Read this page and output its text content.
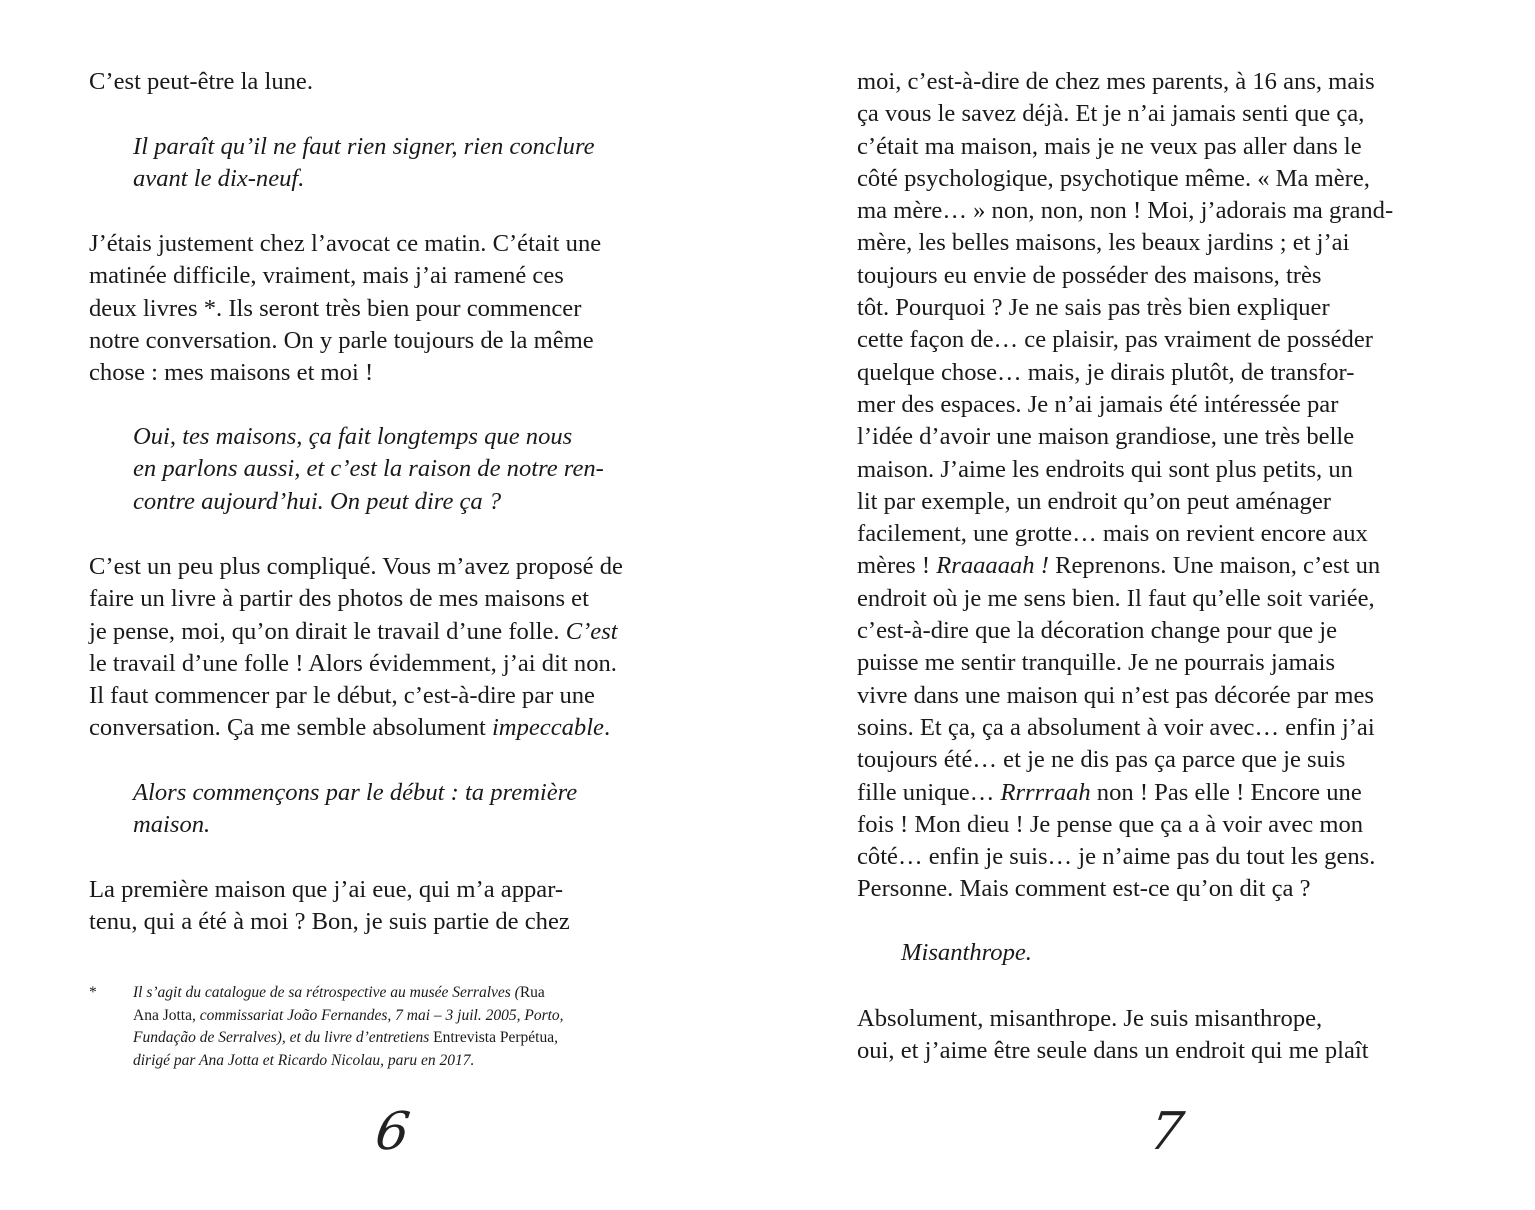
C’est peut-être la lune.

Il paraît qu’il ne faut rien signer, rien conclure
avant le dix-neuf.

J’étais justement chez l’avocat ce matin. C’était une
matinée difficile, vraiment, mais j’ai ramené ces
deux livres *. Ils seront très bien pour commencer
notre conversation. On y parle toujours de la même
chose : mes maisons et moi !

Oui, tes maisons, ça fait longtemps que nous
en parlons aussi, et c’est la raison de notre ren-
contre aujourd’hui. On peut dire ça ?

C’est un peu plus compliqué. Vous m’avez proposé de
faire un livre à partir des photos de mes maisons et
je pense, moi, qu’on dirait le travail d’une folle. C’est
le travail d’une folle ! Alors évidemment, j’ai dit non.
Il faut commencer par le début, c’est-à-dire par une
conversation. Ça me semble absolument impeccable.

Alors commençons par le début : ta première
maison.

La première maison que j’ai eue, qui m’a appar-
tenu, qui a été à moi ? Bon, je suis partie de chez

* Il s’agit du catalogue de sa rétrospective au musée Serralves (Rua
Ana Jotta, commissariat João Fernandes, 7 mai – 3 juil. 2005, Porto,
Fundação de Serralves), et du livre d’entretiens Entrevista Perpétua,
dirigé par Ana Jotta et Ricardo Nicolau, paru en 2017.
6

moi, c’est-à-dire de chez mes parents, à 16 ans, mais
ça vous le savez déjà. Et je n’ai jamais senti que ça,
c’était ma maison, mais je ne veux pas aller dans le
côté psychologique, psychotique même. « Ma mère,
ma mère… » non, non, non ! Moi, j’adorais ma grand-
mère, les belles maisons, les beaux jardins ; et j’ai
toujours eu envie de posséder des maisons, très
tôt. Pourquoi ? Je ne sais pas très bien expliquer
cette façon de… ce plaisir, pas vraiment de posséder
quelque chose… mais, je dirais plutôt, de transfor-
mer des espaces. Je n’ai jamais été intéressée par
l’idée d’avoir une maison grandiose, une très belle
maison. J’aime les endroits qui sont plus petits, un
lit par exemple, un endroit qu’on peut aménager
facilement, une grotte… mais on revient encore aux
mères ! Rraaaaah ! Reprenons. Une maison, c’est un
endroit où je me sens bien. Il faut qu’elle soit variée,
c’est-à-dire que la décoration change pour que je
puisse me sentir tranquille. Je ne pourrais jamais
vivre dans une maison qui n’est pas décorée par mes
soins. Et ça, ça a absolument à voir avec… enfin j’ai
toujours été… et je ne dis pas ça parce que je suis
fille unique… Rrrrraah non ! Pas elle ! Encore une
fois ! Mon dieu ! Je pense que ça a à voir avec mon
côté… enfin je suis… je n’aime pas du tout les gens.
Personne. Mais comment est-ce qu’on dit ça ?

Misanthrope.

Absolument, misanthrope. Je suis misanthrope,
oui, et j’aime être seule dans un endroit qui me plaît

7
